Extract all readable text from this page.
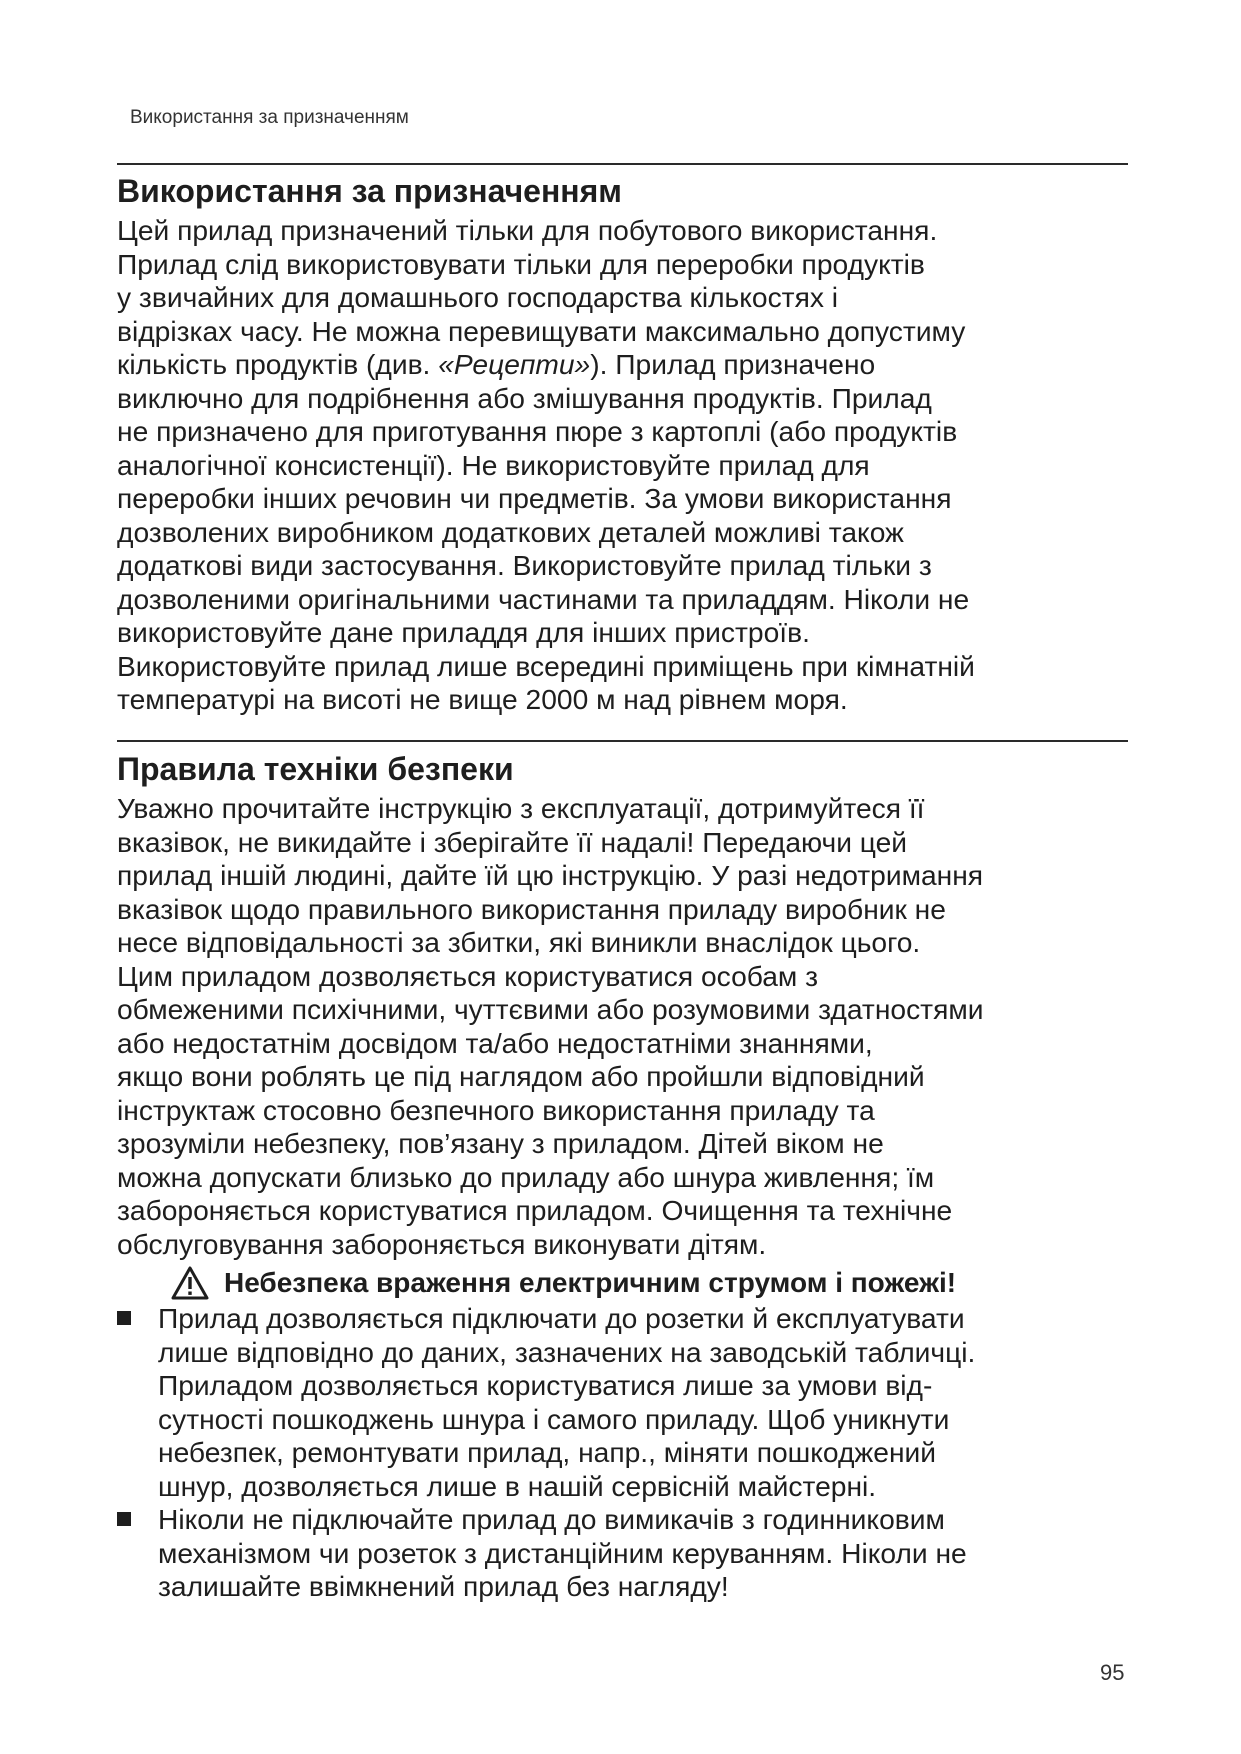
Використання за призначенням
Використання за призначенням
Цей прилад призначений тільки для побутового використання.
Прилад слід використовувати тільки для переробки продуктів
у звичайних для домашнього господарства кількостях і
відрізках часу. Не можна перевищувати максимально допустиму
кількість продуктів (див. «Рецепти»). Прилад призначено
виключно для подрібнення або змішування продуктів. Прилад
не призначено для приготування пюре з картоплі (або продуктів
аналогічної консистенції). Не використовуйте прилад для
переробки інших речовин чи предметів. За умови використання
дозволених виробником додаткових деталей можливі також
додаткові види застосування. Використовуйте прилад тільки з
дозволеними оригінальними частинами та приладдям. Ніколи не
використовуйте дане приладдя для інших пристроїв.
Використовуйте прилад лише всередині приміщень при кімнатній
температурі на висоті не вище 2000 м над рівнем моря.
Правила техніки безпеки
Уважно прочитайте інструкцію з експлуатації, дотримуйтеся її
вказівок, не викидайте і зберігайте її надалі! Передаючи цей
прилад іншій людині, дайте їй цю інструкцію. У разі недотримання
вказівок щодо правильного використання приладу виробник не
несе відповідальності за збитки, які виникли внаслідок цього.
Цим приладом дозволяється користуватися особам з
обмеженими психічними, чуттєвими або розумовими здатностями
або недостатнім досвідом та/або недостатніми знаннями,
якщо вони роблять це під наглядом або пройшли відповідний
інструктаж стосовно безпечного використання приладу та
зрозуміли небезпеку, пов’язану з приладом. Дітей віком не
можна допускати близько до приладу або шнура живлення; їм
забороняється користуватися приладом. Очищення та технічне
обслуговування забороняється виконувати дітям.
Небезпека враження електричним струмом і пожежі!
Прилад дозволяється підключати до розетки й експлуатувати
лише відповідно до даних, зазначених на заводській табличці.
Приладом дозволяється користуватися лише за умови від-
сутності пошкоджень шнура і самого приладу. Щоб уникнути
небезпек, ремонтувати прилад, напр., міняти пошкоджений
шнур, дозволяється лише в нашій сервісній майстерні.
Ніколи не підключайте прилад до вимикачів з годинниковим
механізмом чи розеток з дистанційним керуванням. Ніколи не
залишайте ввімкнений прилад без нагляду!
95
